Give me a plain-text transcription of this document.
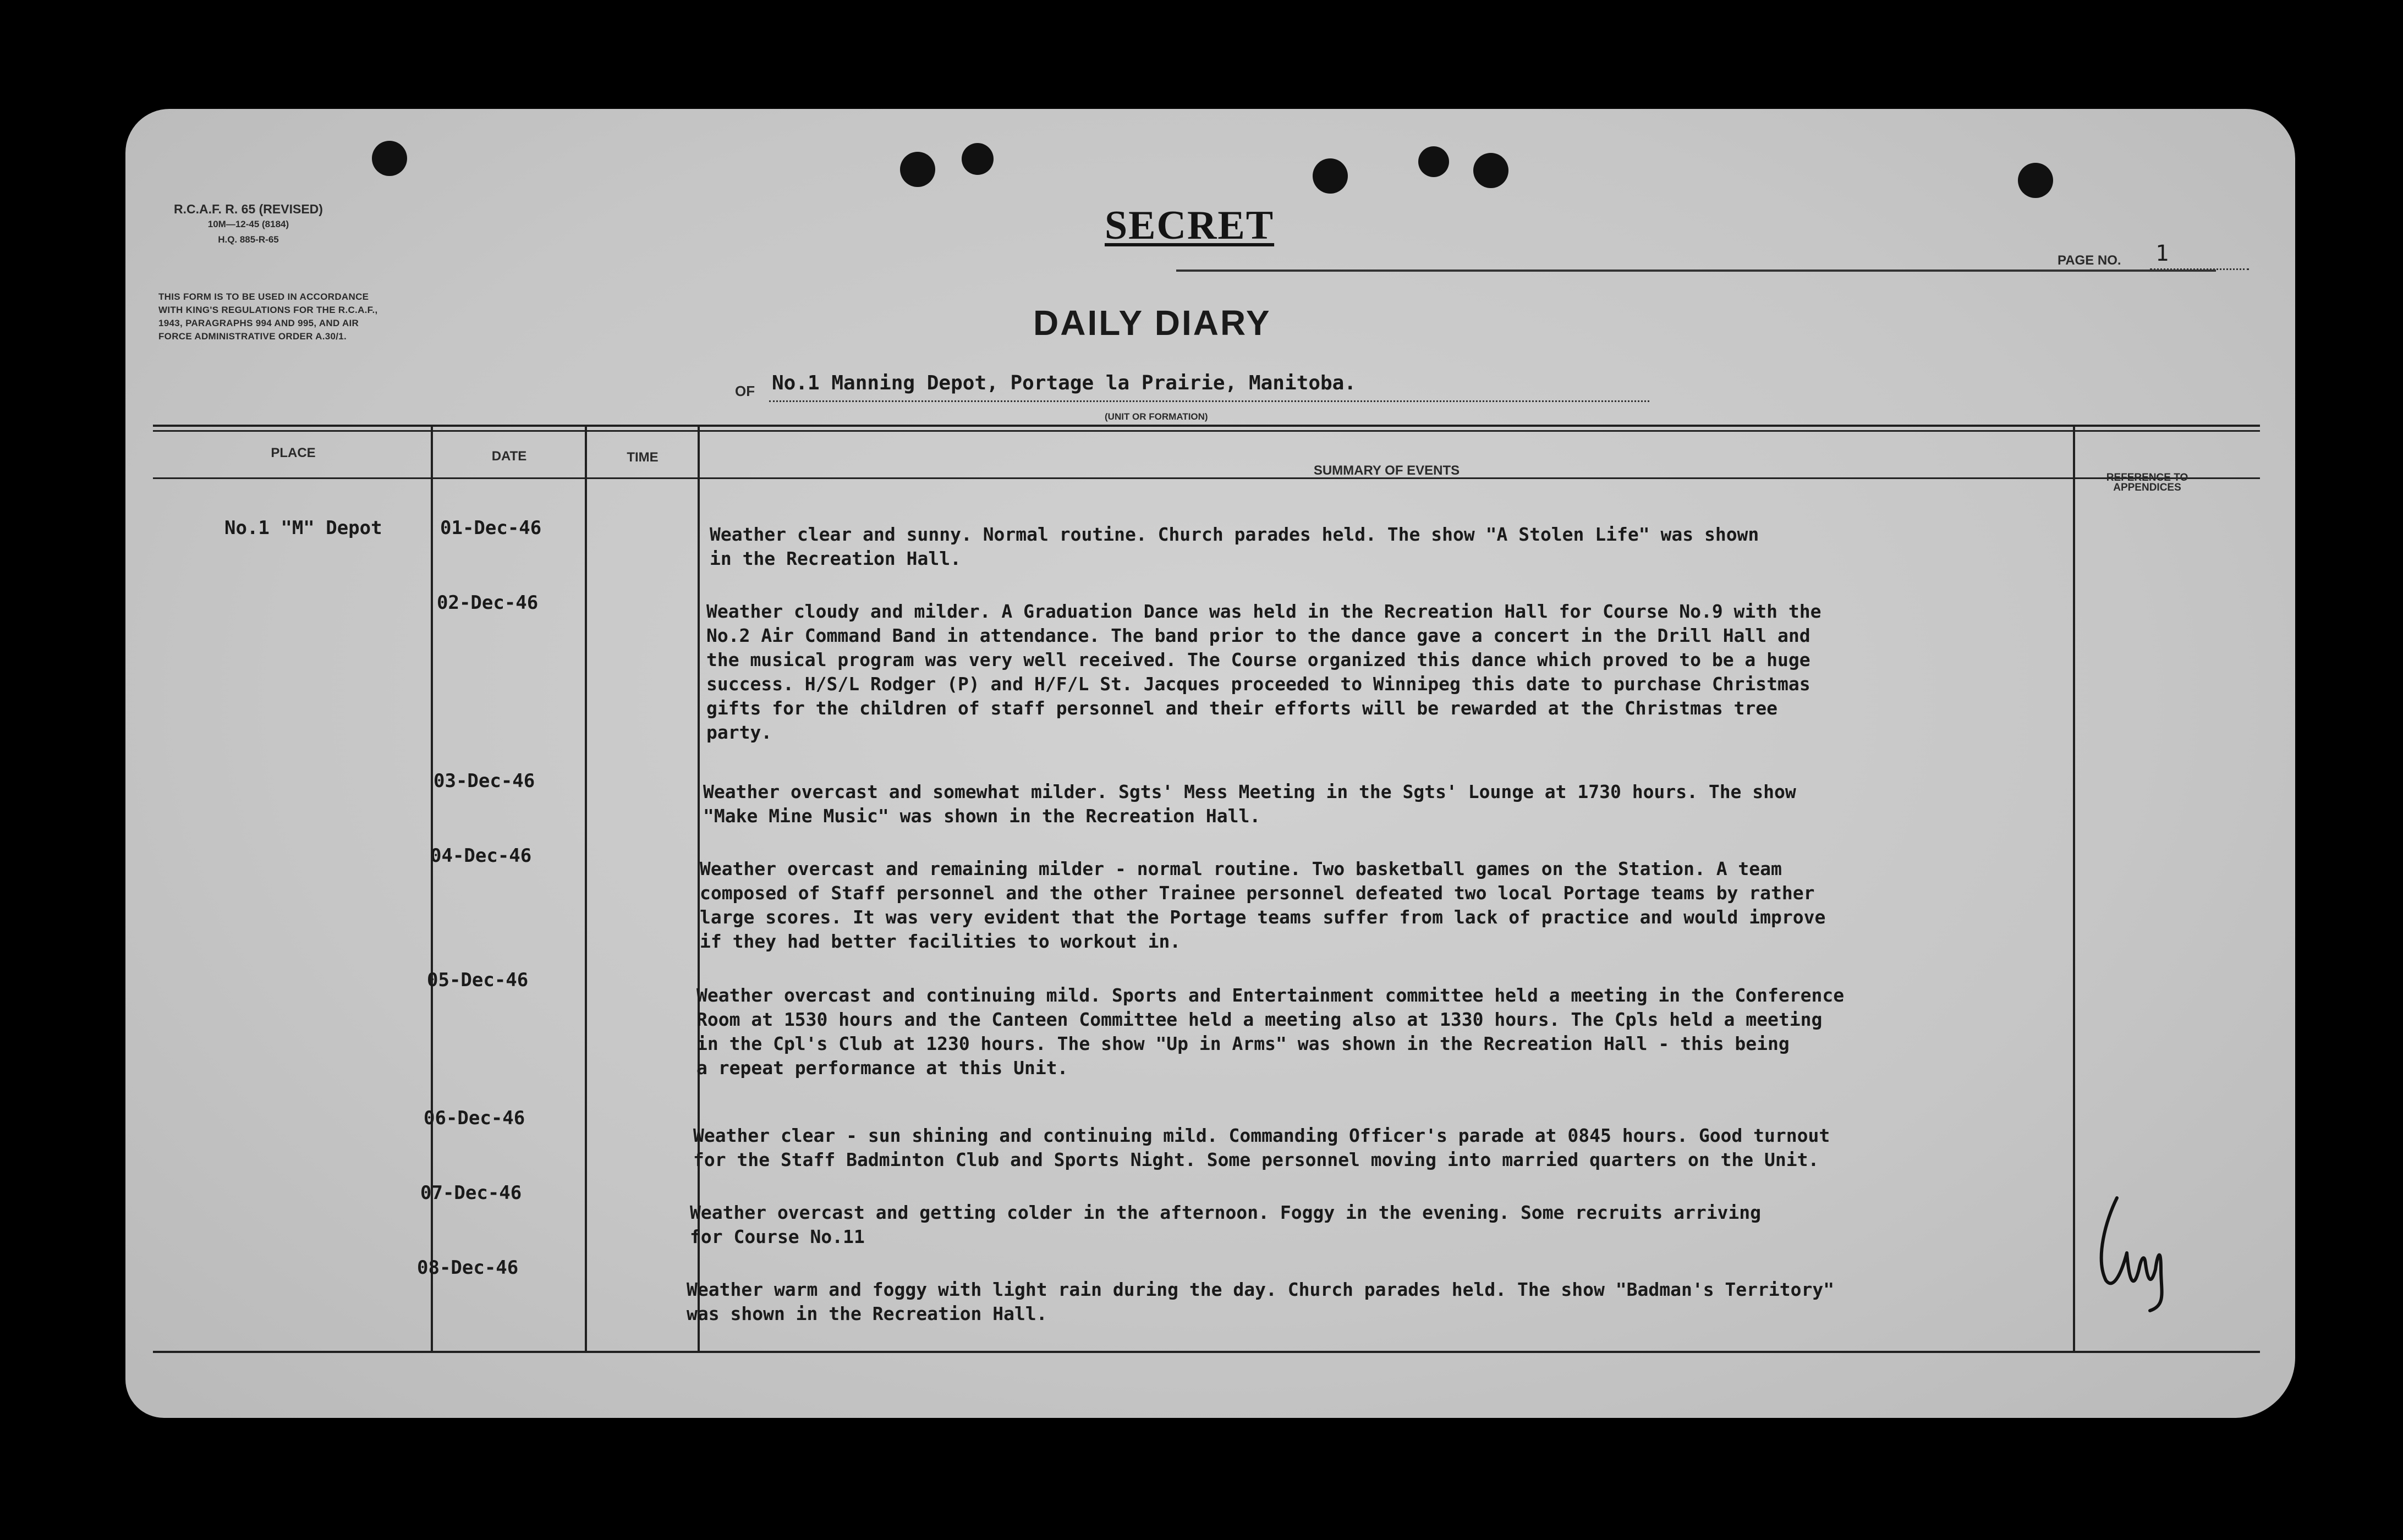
R.C.A.F. R. 65 (REVISED)
10M—12-45 (8184)
H.Q. 885-R-65
THIS FORM IS TO BE USED IN ACCORDANCE WITH KING'S REGULATIONS FOR THE R.C.A.F., 1943, PARAGRAPHS 994 AND 995, AND AIR FORCE ADMINISTRATIVE ORDER A.30/1.
SECRET
PAGE NO. 1
DAILY DIARY
OF No.1 Manning Depot, Portage la Prairie, Manitoba.
(UNIT OR FORMATION)
PLACE	DATE	TIME
SUMMARY OF EVENTS	REFERENCE TO APPENDICES
No.1 "M" Depot	01-Dec-46	Weather clear and sunny. Normal routine. Church parades held. The show "A Stolen Life" was shown
in the Recreation Hall.
02-Dec-46	Weather cloudy and milder. A Graduation Dance was held in the Recreation Hall for Course No.9 with the
No.2 Air Command Band in attendance. The band prior to the dance gave a concert in the Drill Hall and
the musical program was very well received. The Course organized this dance which proved to be a huge
success. H/S/L Rodger (P) and H/F/L St. Jacques proceeded to Winnipeg this date to purchase Christmas
gifts for the children of staff personnel and their efforts will be rewarded at the Christmas tree
party.
03-Dec-46	Weather overcast and somewhat milder. Sgts' Mess Meeting in the Sgts' Lounge at 1730 hours. The show
"Make Mine Music" was shown in the Recreation Hall.
04-Dec-46
Weather overcast and remaining milder - normal routine. Two basketball games on the Station. A team
composed of Staff personnel and the other Trainee personnel defeated two local Portage teams by rather
large scores. It was very evident that the Portage teams suffer from lack of practice and would improve
if they had better facilities to workout in.
05-Dec-46
Weather overcast and continuing mild. Sports and Entertainment committee held a meeting in the Conference
Room at 1530 hours and the Canteen Committee held a meeting also at 1330 hours. The Cpls held a meeting
in the Cpl's Club at 1230 hours. The show "Up in Arms" was shown in the Recreation Hall - this being
a repeat performance at this Unit.
06-Dec-46
Weather clear - sun shining and continuing mild. Commanding Officer's parade at 0845 hours. Good turnout
for the Staff Badminton Club and Sports Night. Some personnel moving into married quarters on the Unit.
07-Dec-46
Weather overcast and getting colder in the afternoon. Foggy in the evening. Some recruits arriving
for Course No.11
08-Dec-46
Weather warm and foggy with light rain during the day. Church parades held. The show "Badman's Territory"
was shown in the Recreation Hall.
